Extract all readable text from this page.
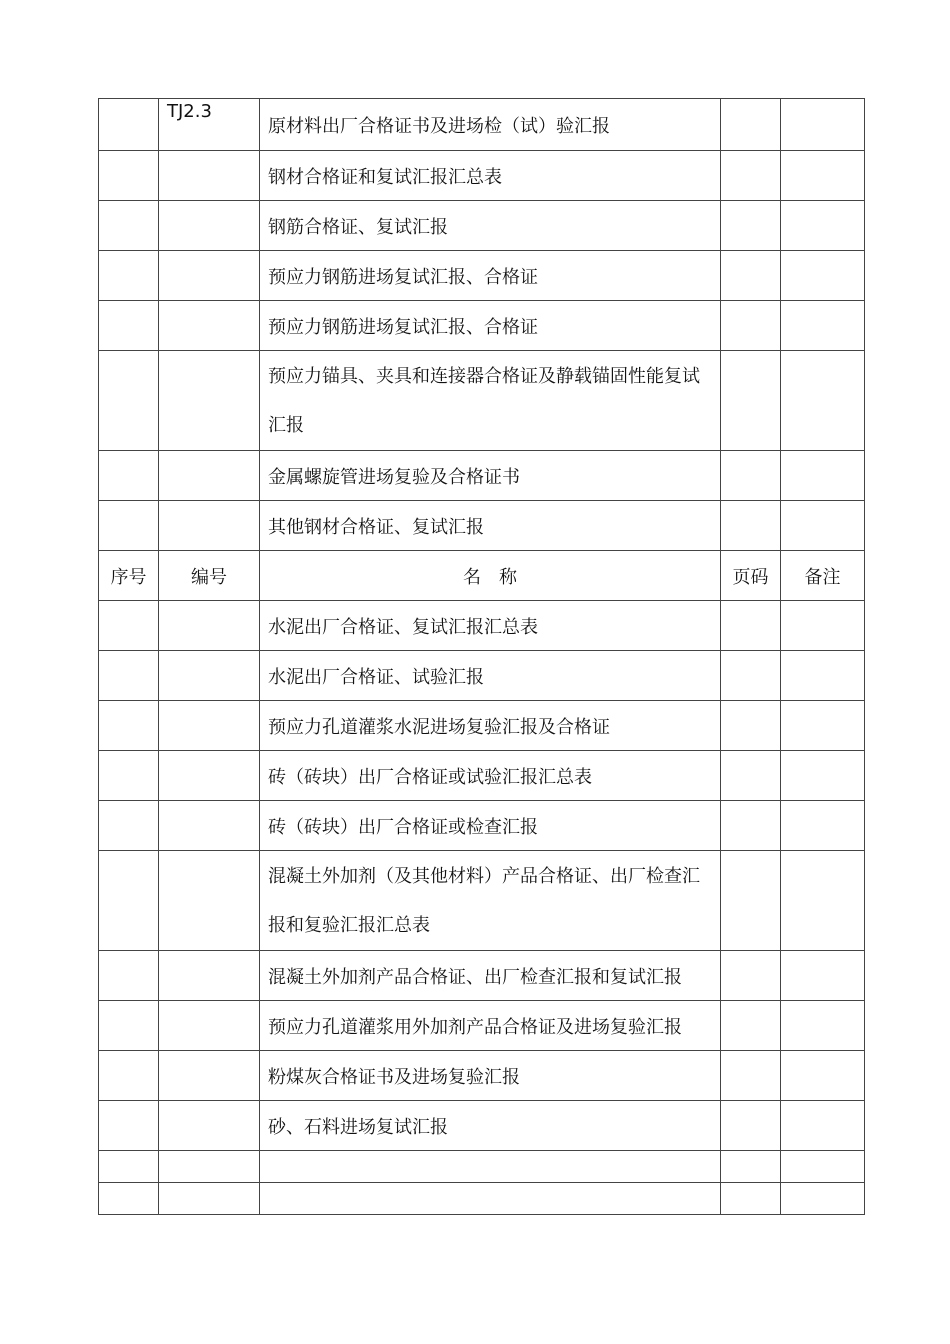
	TJ2.3	原材料出厂合格证书及进场检（试）验汇报		
		钢材合格证和复试汇报汇总表		
		钢筋合格证、复试汇报		
		预应力钢筋进场复试汇报、合格证		
		预应力钢筋进场复试汇报、合格证		
		预应力锚具、夹具和连接器合格证及静载锚固性能复试汇报		
		金属螺旋管进场复验及合格证书		
		其他钢材合格证、复试汇报		
序号	编号	名　称	页码	备注
		水泥出厂合格证、复试汇报汇总表		
		水泥出厂合格证、试验汇报		
		预应力孔道灌浆水泥进场复验汇报及合格证		
		砖（砖块）出厂合格证或试验汇报汇总表		
		砖（砖块）出厂合格证或检查汇报		
		混凝土外加剂（及其他材料）产品合格证、出厂检查汇报和复验汇报汇总表		
		混凝土外加剂产品合格证、出厂检查汇报和复试汇报		
		预应力孔道灌浆用外加剂产品合格证及进场复验汇报		
		粉煤灰合格证书及进场复验汇报		
		砂、石料进场复试汇报		
